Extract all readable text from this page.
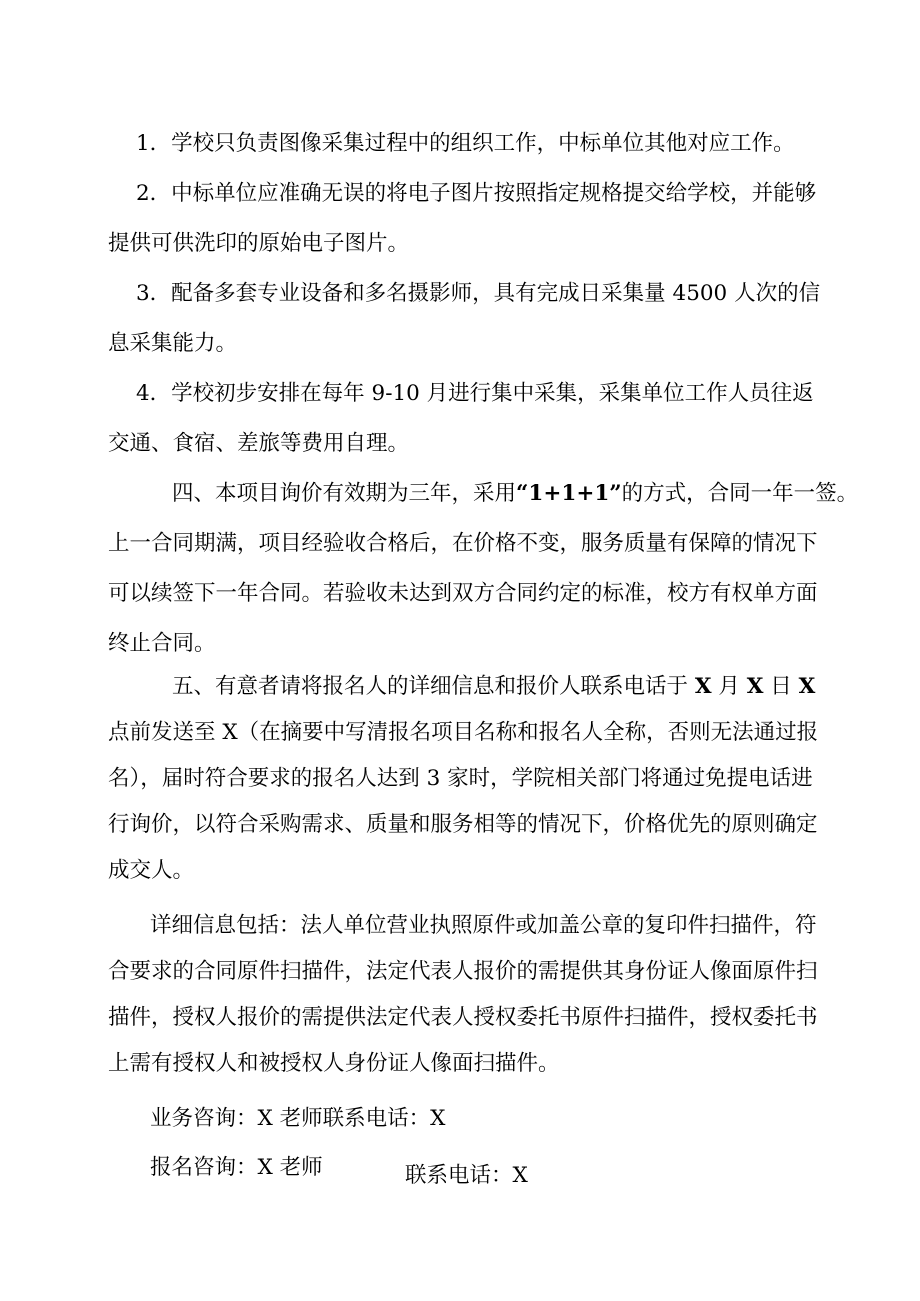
1．学校只负责图像采集过程中的组织工作，中标单位其他对应工作。
2．中标单位应准确无误的将电子图片按照指定规格提交给学校，并能够
提供可供洗印的原始电子图片。
3．配备多套专业设备和多名摄影师，具有完成日采集量 4500 人次的信
息采集能力。
4．学校初步安排在每年 9-10 月进行集中采集，采集单位工作人员往返
交通、食宿、差旅等费用自理。
四、本项目询价有效期为三年，采用“1+1+1”的方式，合同一年一签。
上一合同期满，项目经验收合格后，在价格不变，服务质量有保障的情况下
可以续签下一年合同。若验收未达到双方合同约定的标准，校方有权单方面
终止合同。
五、有意者请将报名人的详细信息和报价人联系电话于 X 月 X 日 X
点前发送至 X（在摘要中写清报名项目名称和报名人全称，否则无法通过报
名），届时符合要求的报名人达到 3 家时，学院相关部门将通过免提电话进
行询价，以符合采购需求、质量和服务相等的情况下，价格优先的原则确定
成交人。
详细信息包括：法人单位营业执照原件或加盖公章的复印件扫描件，符
合要求的合同原件扫描件，法定代表人报价的需提供其身份证人像面原件扫
描件，授权人报价的需提供法定代表人授权委托书原件扫描件，授权委托书
上需有授权人和被授权人身份证人像面扫描件。
业务咨询：X 老师联系电话：X
报名咨询：X 老师	联系电话：X
